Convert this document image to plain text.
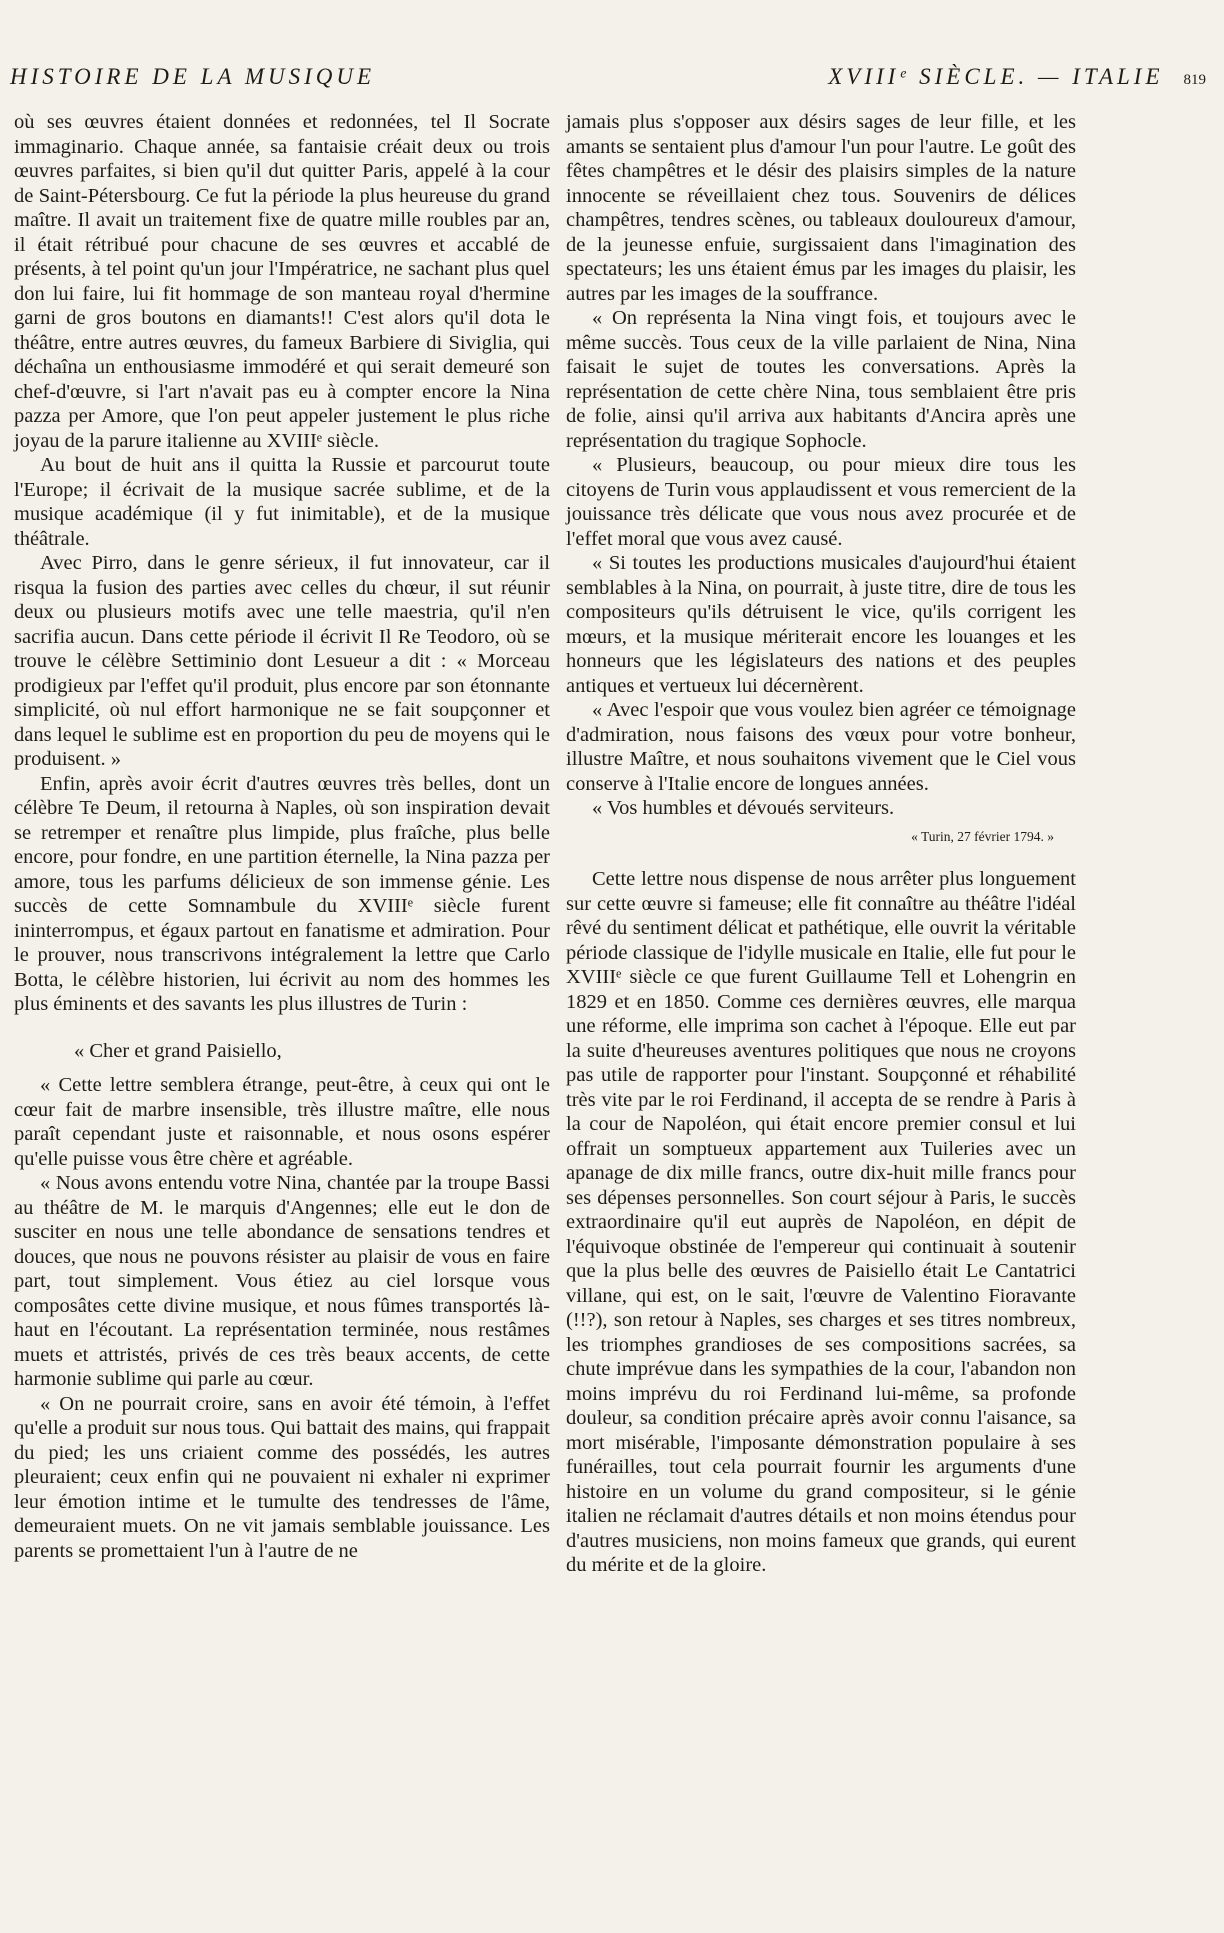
HISTOIRE DE LA MUSIQUE	XVIIIᵉ SIÈCLE. — ITALIE 819

où ses œuvres étaient données et redonnées, tel Il Socrate immaginario. Chaque année, sa fantaisie créait deux ou trois œuvres parfaites, si bien qu'il dut quitter Paris, appelé à la cour de Saint-Pétersbourg. Ce fut la période la plus heureuse du grand maître. Il avait un traitement fixe de quatre mille roubles par an, il était rétribué pour chacune de ses œuvres et accablé de présents, à tel point qu'un jour l'Impératrice, ne sachant plus quel don lui faire, lui fit hommage de son manteau royal d'hermine garni de gros boutons en diamants!! C'est alors qu'il dota le théâtre, entre autres œuvres, du fameux Barbiere di Siviglia, qui déchaîna un enthousiasme immodéré et qui serait demeuré son chef-d'œuvre, si l'art n'avait pas eu à compter encore la Nina pazza per Amore, que l'on peut appeler justement le plus riche joyau de la parure italienne au XVIIIᵉ siècle.

Au bout de huit ans il quitta la Russie et parcourut toute l'Europe; il écrivait de la musique sacrée sublime, et de la musique académique (il y fut inimitable), et de la musique théâtrale.

Avec Pirro, dans le genre sérieux, il fut innovateur, car il risqua la fusion des parties avec celles du chœur, il sut réunir deux ou plusieurs motifs avec une telle maestria, qu'il n'en sacrifia aucun. Dans cette période il écrivit Il Re Teodoro, où se trouve le célèbre Settiminio dont Lesueur a dit : « Morceau prodigieux par l'effet qu'il produit, plus encore par son étonnante simplicité, où nul effort harmonique ne se fait soupçonner et dans lequel le sublime est en proportion du peu de moyens qui le produisent. »

Enfin, après avoir écrit d'autres œuvres très belles, dont un célèbre Te Deum, il retourna à Naples, où son inspiration devait se retremper et renaître plus limpide, plus fraîche, plus belle encore, pour fondre, en une partition éternelle, la Nina pazza per amore, tous les parfums délicieux de son immense génie. Les succès de cette Somnambule du XVIIIᵉ siècle furent ininterrompus, et égaux partout en fanatisme et admiration. Pour le prouver, nous transcrivons intégralement la lettre que Carlo Botta, le célèbre historien, lui écrivit au nom des hommes les plus éminents et des savants les plus illustres de Turin :

« Cher et grand Paisiello,

« Cette lettre semblera étrange, peut-être, à ceux qui ont le cœur fait de marbre insensible, très illustre maître, elle nous paraît cependant juste et raisonnable, et nous osons espérer qu'elle puisse vous être chère et agréable.

« Nous avons entendu votre Nina, chantée par la troupe Bassi au théâtre de M. le marquis d'Angennes; elle eut le don de susciter en nous une telle abondance de sensations tendres et douces, que nous ne pouvons résister au plaisir de vous en faire part, tout simplement. Vous étiez au ciel lorsque vous composâtes cette divine musique, et nous fûmes transportés là-haut en l'écoutant. La représentation terminée, nous restâmes muets et attristés, privés de ces très beaux accents, de cette harmonie sublime qui parle au cœur.

« On ne pourrait croire, sans en avoir été témoin, à l'effet qu'elle a produit sur nous tous. Qui battait des mains, qui frappait du pied; les uns criaient comme des possédés, les autres pleuraient; ceux enfin qui ne pouvaient ni exhaler ni exprimer leur émotion intime et le tumulte des tendresses de l'âme, demeuraient muets. On ne vit jamais semblable jouissance. Les parents se promettaient l'un à l'autre de ne

jamais plus s'opposer aux désirs sages de leur fille, et les amants se sentaient plus d'amour l'un pour l'autre. Le goût des fêtes champêtres et le désir des plaisirs simples de la nature innocente se réveillaient chez tous. Souvenirs de délices champêtres, tendres scènes, ou tableaux douloureux d'amour, de la jeunesse enfuie, surgissaient dans l'imagination des spectateurs; les uns étaient émus par les images du plaisir, les autres par les images de la souffrance.

« On représenta la Nina vingt fois, et toujours avec le même succès. Tous ceux de la ville parlaient de Nina, Nina faisait le sujet de toutes les conversations. Après la représentation de cette chère Nina, tous semblaient être pris de folie, ainsi qu'il arriva aux habitants d'Ancira après une représentation du tragique Sophocle.

« Plusieurs, beaucoup, ou pour mieux dire tous les citoyens de Turin vous applaudissent et vous remercient de la jouissance très délicate que vous nous avez procurée et de l'effet moral que vous avez causé.

« Si toutes les productions musicales d'aujourd'hui étaient semblables à la Nina, on pourrait, à juste titre, dire de tous les compositeurs qu'ils détruisent le vice, qu'ils corrigent les mœurs, et la musique mériterait encore les louanges et les honneurs que les législateurs des nations et des peuples antiques et vertueux lui décernèrent.

« Avec l'espoir que vous voulez bien agréer ce témoignage d'admiration, nous faisons des vœux pour votre bonheur, illustre Maître, et nous souhaitons vivement que le Ciel vous conserve à l'Italie encore de longues années.

« Vos humbles et dévoués serviteurs.

« Turin, 27 février 1794. »

Cette lettre nous dispense de nous arrêter plus longuement sur cette œuvre si fameuse; elle fit connaître au théâtre l'idéal rêvé du sentiment délicat et pathétique, elle ouvrit la véritable période classique de l'idylle musicale en Italie, elle fut pour le XVIIIᵉ siècle ce que furent Guillaume Tell et Lohengrin en 1829 et en 1850. Comme ces dernières œuvres, elle marqua une réforme, elle imprima son cachet à l'époque. Elle eut par la suite d'heureuses aventures politiques que nous ne croyons pas utile de rapporter pour l'instant. Soupçonné et réhabilité très vite par le roi Ferdinand, il accepta de se rendre à Paris à la cour de Napoléon, qui était encore premier consul et lui offrait un somptueux appartement aux Tuileries avec un apanage de dix mille francs, outre dix-huit mille francs pour ses dépenses personnelles. Son court séjour à Paris, le succès extraordinaire qu'il eut auprès de Napoléon, en dépit de l'équivoque obstinée de l'empereur qui continuait à soutenir que la plus belle des œuvres de Paisiello était Le Cantatrici villane, qui est, on le sait, l'œuvre de Valentino Fioravante (!!?), son retour à Naples, ses charges et ses titres nombreux, les triomphes grandioses de ses compositions sacrées, sa chute imprévue dans les sympathies de la cour, l'abandon non moins imprévu du roi Ferdinand lui-même, sa profonde douleur, sa condition précaire après avoir connu l'aisance, sa mort misérable, l'imposante démonstration populaire à ses funérailles, tout cela pourrait fournir les arguments d'une histoire en un volume du grand compositeur, si le génie italien ne réclamait d'autres détails et non moins étendus pour d'autres musiciens, non moins fameux que grands, qui eurent du mérite et de la gloire.
